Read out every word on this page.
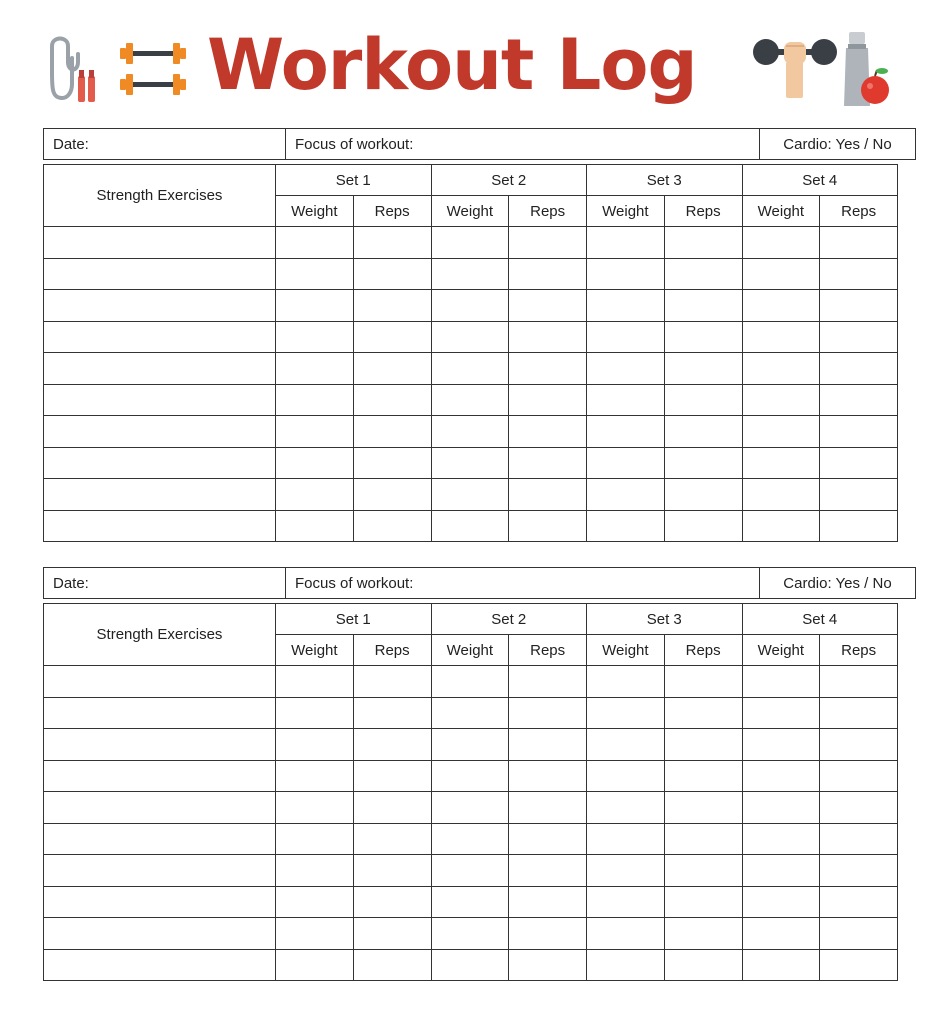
Workout Log
Date:	Focus of workout:	Cardio: Yes / No
Strength Exercises	Set 1		Set 2		Set 3		Set 4	
	Weight	Reps	Weight	Reps	Weight	Reps	Weight	Reps

Date:	Focus of workout:	Cardio: Yes / No
Strength Exercises	Set 1		Set 2		Set 3		Set 4	
	Weight	Reps	Weight	Reps	Weight	Reps	Weight	Reps
